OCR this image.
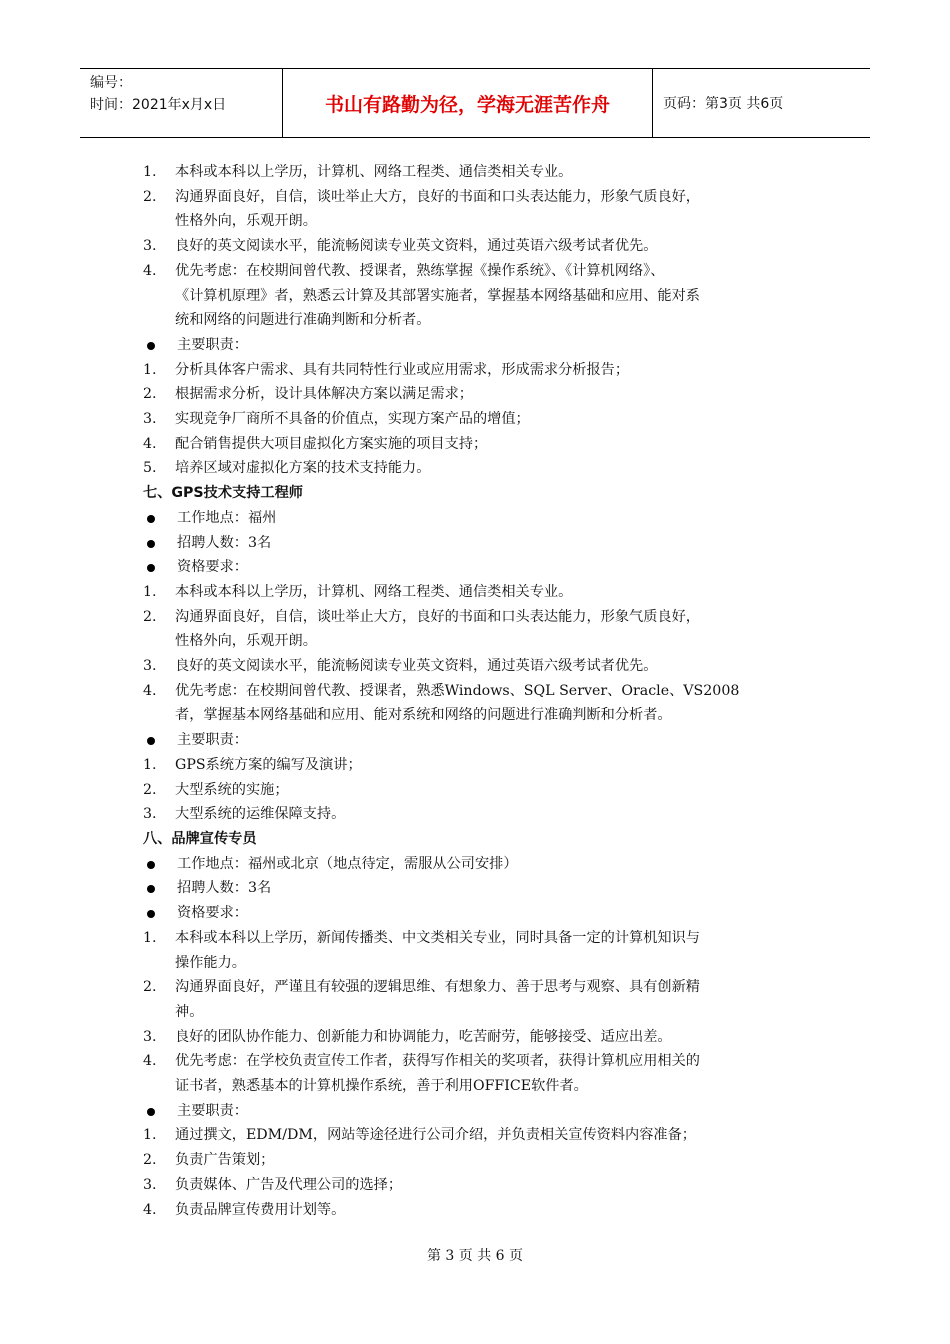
编号：
时间：2021年x月x日	书山有路勤为径，学海无涯苦作舟	页码：第3页 共6页
1. 本科或本科以上学历，计算机、网络工程类、通信类相关专业。
2. 沟通界面良好，自信，谈吐举止大方，良好的书面和口头表达能力，形象气质良好，
性格外向，乐观开朗。
3. 良好的英文阅读水平，能流畅阅读专业英文资料，通过英语六级考试者优先。
4. 优先考虑：在校期间曾代教、授课者，熟练掌握《操作系统》、《计算机网络》、
《计算机原理》者，熟悉云计算及其部署实施者，掌握基本网络基础和应用、能对系
统和网络的问题进行准确判断和分析者。
主要职责：
1. 分析具体客户需求、具有共同特性行业或应用需求，形成需求分析报告；
2. 根据需求分析，设计具体解决方案以满足需求；
3. 实现竞争厂商所不具备的价值点，实现方案产品的增值；
4. 配合销售提供大项目虚拟化方案实施的项目支持；
5. 培养区域对虚拟化方案的技术支持能力。
七、GPS技术支持工程师
工作地点：福州
招聘人数：3名
资格要求：
1. 本科或本科以上学历，计算机、网络工程类、通信类相关专业。
2. 沟通界面良好，自信，谈吐举止大方，良好的书面和口头表达能力，形象气质良好，
性格外向，乐观开朗。
3. 良好的英文阅读水平，能流畅阅读专业英文资料，通过英语六级考试者优先。
4. 优先考虑：在校期间曾代教、授课者，熟悉Windows、SQL Server、Oracle、VS2008
者，掌握基本网络基础和应用、能对系统和网络的问题进行准确判断和分析者。
主要职责：
1. GPS系统方案的编写及演讲；
2. 大型系统的实施；
3. 大型系统的运维保障支持。
八、品牌宣传专员
工作地点：福州或北京（地点待定，需服从公司安排）
招聘人数：3名
资格要求：
1. 本科或本科以上学历，新闻传播类、中文类相关专业，同时具备一定的计算机知识与
操作能力。
2. 沟通界面良好，严谨且有较强的逻辑思维、有想象力、善于思考与观察、具有创新精
神。
3. 良好的团队协作能力、创新能力和协调能力，吃苦耐劳，能够接受、适应出差。
4. 优先考虑：在学校负责宣传工作者，获得写作相关的奖项者，获得计算机应用相关的
证书者，熟悉基本的计算机操作系统，善于利用OFFICE软件者。
主要职责：
1. 通过撰文，EDM/DM，网站等途径进行公司介绍，并负责相关宣传资料内容准备；
2. 负责广告策划；
3. 负责媒体、广告及代理公司的选择；
4. 负责品牌宣传费用计划等。
第 3 页 共 6 页
